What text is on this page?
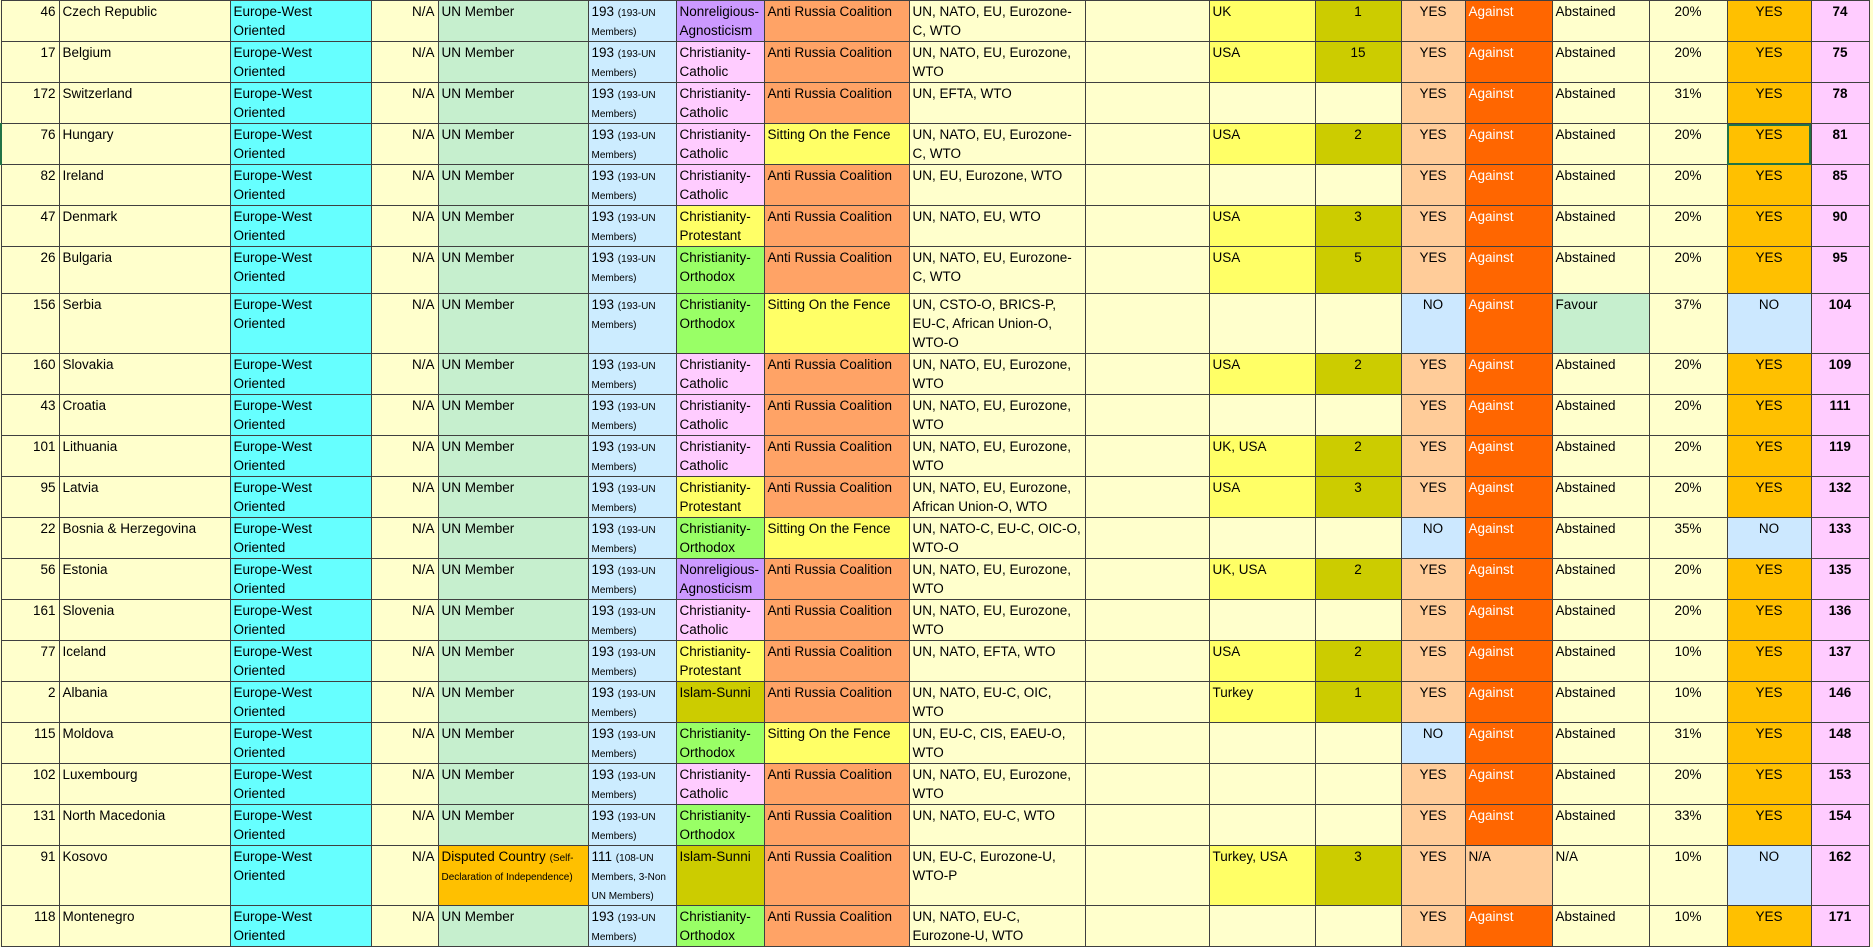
46	Czech Republic	Europe-West Oriented	N/A	UN Member	193 (193-UN Members)	Nonreligious-Agnosticism	Anti Russia Coalition	UN, NATO, EU, Eurozone-C, WTO		UK	1	YES	Against	Abstained	20%	YES	74
17	Belgium	Europe-West Oriented	N/A	UN Member	193 (193-UN Members)	Christianity-Catholic	Anti Russia Coalition	UN, NATO, EU, Eurozone, WTO		USA	15	YES	Against	Abstained	20%	YES	75
172	Switzerland	Europe-West Oriented	N/A	UN Member	193 (193-UN Members)	Christianity-Catholic	Anti Russia Coalition	UN, EFTA, WTO				YES	Against	Abstained	31%	YES	78
76	Hungary	Europe-West Oriented	N/A	UN Member	193 (193-UN Members)	Christianity-Catholic	Sitting On the Fence	UN, NATO, EU, Eurozone-C, WTO		USA	2	YES	Against	Abstained	20%	YES	81
82	Ireland	Europe-West Oriented	N/A	UN Member	193 (193-UN Members)	Christianity-Catholic	Anti Russia Coalition	UN, EU, Eurozone, WTO				YES	Against	Abstained	20%	YES	85
47	Denmark	Europe-West Oriented	N/A	UN Member	193 (193-UN Members)	Christianity-Protestant	Anti Russia Coalition	UN, NATO, EU, WTO		USA	3	YES	Against	Abstained	20%	YES	90
26	Bulgaria	Europe-West Oriented	N/A	UN Member	193 (193-UN Members)	Christianity-Orthodox	Anti Russia Coalition	UN, NATO, EU, Eurozone-C, WTO		USA	5	YES	Against	Abstained	20%	YES	95
156	Serbia	Europe-West Oriented	N/A	UN Member	193 (193-UN Members)	Christianity-Orthodox	Sitting On the Fence	UN, CSTO-O, BRICS-P, EU-C, African Union-O, WTO-O				NO	Against	Favour	37%	NO	104
160	Slovakia	Europe-West Oriented	N/A	UN Member	193 (193-UN Members)	Christianity-Catholic	Anti Russia Coalition	UN, NATO, EU, Eurozone, WTO		USA	2	YES	Against	Abstained	20%	YES	109
43	Croatia	Europe-West Oriented	N/A	UN Member	193 (193-UN Members)	Christianity-Catholic	Anti Russia Coalition	UN, NATO, EU, Eurozone, WTO				YES	Against	Abstained	20%	YES	111
101	Lithuania	Europe-West Oriented	N/A	UN Member	193 (193-UN Members)	Christianity-Catholic	Anti Russia Coalition	UN, NATO, EU, Eurozone, WTO		UK, USA	2	YES	Against	Abstained	20%	YES	119
95	Latvia	Europe-West Oriented	N/A	UN Member	193 (193-UN Members)	Christianity-Protestant	Anti Russia Coalition	UN, NATO, EU, Eurozone, African Union-O, WTO		USA	3	YES	Against	Abstained	20%	YES	132
22	Bosnia & Herzegovina	Europe-West Oriented	N/A	UN Member	193 (193-UN Members)	Christianity-Orthodox	Sitting On the Fence	UN, NATO-C, EU-C, OIC-O, WTO-O				NO	Against	Abstained	35%	NO	133
56	Estonia	Europe-West Oriented	N/A	UN Member	193 (193-UN Members)	Nonreligious-Agnosticism	Anti Russia Coalition	UN, NATO, EU, Eurozone, WTO		UK, USA	2	YES	Against	Abstained	20%	YES	135
161	Slovenia	Europe-West Oriented	N/A	UN Member	193 (193-UN Members)	Christianity-Catholic	Anti Russia Coalition	UN, NATO, EU, Eurozone, WTO				YES	Against	Abstained	20%	YES	136
77	Iceland	Europe-West Oriented	N/A	UN Member	193 (193-UN Members)	Christianity-Protestant	Anti Russia Coalition	UN, NATO, EFTA, WTO		USA	2	YES	Against	Abstained	10%	YES	137
2	Albania	Europe-West Oriented	N/A	UN Member	193 (193-UN Members)	Islam-Sunni	Anti Russia Coalition	UN, NATO, EU-C, OIC, WTO		Turkey	1	YES	Against	Abstained	10%	YES	146
115	Moldova	Europe-West Oriented	N/A	UN Member	193 (193-UN Members)	Christianity-Orthodox	Sitting On the Fence	UN, EU-C, CIS, EAEU-O, WTO				NO	Against	Abstained	31%	YES	148
102	Luxembourg	Europe-West Oriented	N/A	UN Member	193 (193-UN Members)	Christianity-Catholic	Anti Russia Coalition	UN, NATO, EU, Eurozone, WTO				YES	Against	Abstained	20%	YES	153
131	North Macedonia	Europe-West Oriented	N/A	UN Member	193 (193-UN Members)	Christianity-Orthodox	Anti Russia Coalition	UN, NATO, EU-C, WTO				YES	Against	Abstained	33%	YES	154
91	Kosovo	Europe-West Oriented	N/A	Disputed Country (Self-Declaration of Independence)	111 (108-UN Members, 3-Non UN Members)	Islam-Sunni	Anti Russia Coalition	UN, EU-C, Eurozone-U, WTO-P		Turkey, USA	3	YES	N/A	N/A	10%	NO	162
118	Montenegro	Europe-West Oriented	N/A	UN Member	193 (193-UN Members)	Christianity-Orthodox	Anti Russia Coalition	UN, NATO, EU-C, Eurozone-U, WTO				YES	Against	Abstained	10%	YES	171
